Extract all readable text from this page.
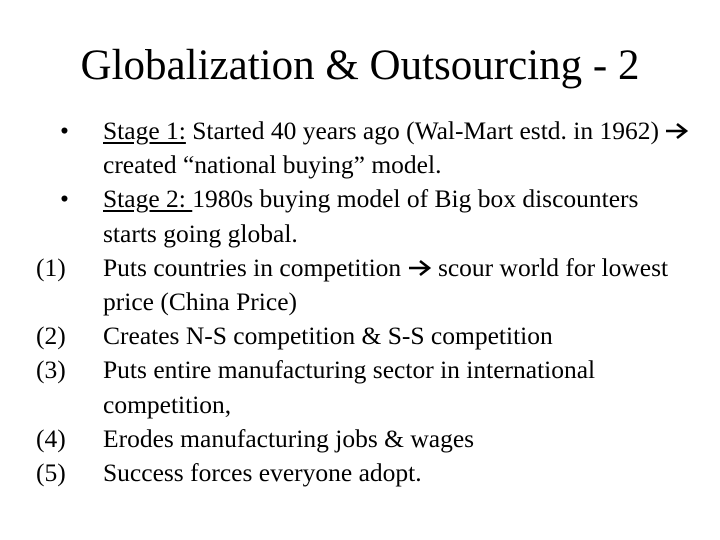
Globalization & Outsourcing - 2
•	Stage 1: Started 40 years ago (Wal-Mart estd. in 1962)
created “national buying” model.
•	Stage 2: 1980s buying model of Big box discounters starts going global.
(1)	Puts countries in competition scour world for lowest price (China Price)
(2)	Creates N-S competition & S-S competition
(3)	Puts entire manufacturing sector in international competition,
(4)	Erodes manufacturing jobs & wages
(5)	Success forces everyone adopt.
